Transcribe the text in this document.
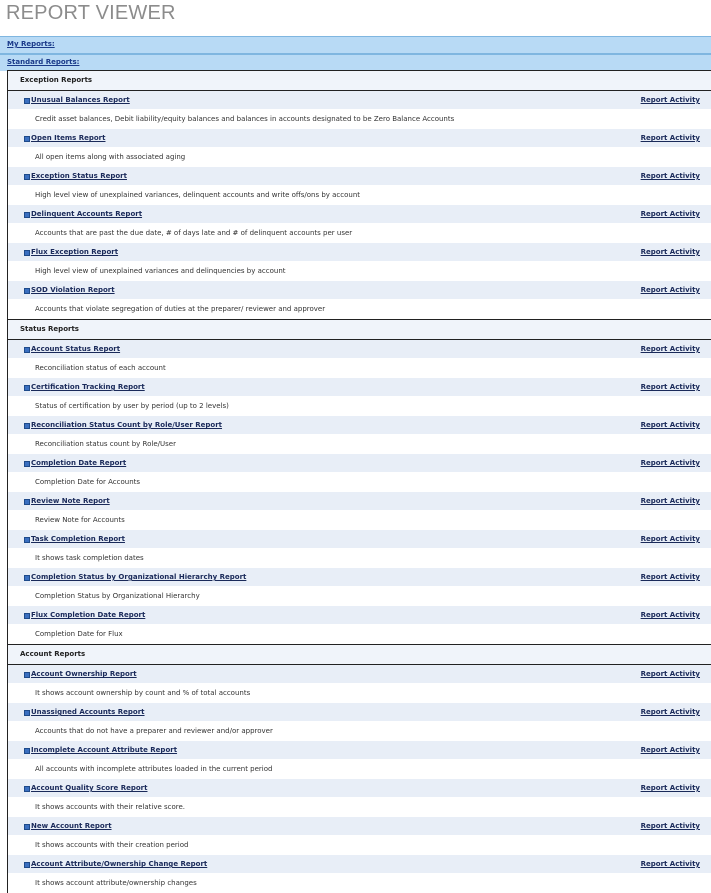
REPORT VIEWER
My Reports:
Standard Reports:
Exception Reports
Unusual Balances Report	Report Activity
Credit asset balances, Debit liability/equity balances and balances in accounts designated to be Zero Balance Accounts
Open Items Report	Report Activity
All open items along with associated aging
Exception Status Report	Report Activity
High level view of unexplained variances, delinquent accounts and write offs/ons by account
Delinquent Accounts Report	Report Activity
Accounts that are past the due date, # of days late and # of delinquent accounts per user
Flux Exception Report	Report Activity
High level view of unexplained variances and delinquencies by account
SOD Violation Report	Report Activity
Accounts that violate segregation of duties at the preparer/ reviewer and approver
Status Reports
Account Status Report	Report Activity
Reconciliation status of each account
Certification Tracking Report	Report Activity
Status of certification by user by period (up to 2 levels)
Reconciliation Status Count by Role/User Report	Report Activity
Reconciliation status count by Role/User
Completion Date Report	Report Activity
Completion Date for Accounts
Review Note Report	Report Activity
Review Note for Accounts
Task Completion Report	Report Activity
It shows task completion dates
Completion Status by Organizational Hierarchy Report	Report Activity
Completion Status by Organizational Hierarchy
Flux Completion Date Report	Report Activity
Completion Date for Flux
Account Reports
Account Ownership Report	Report Activity
It shows account ownership by count and % of total accounts
Unassigned Accounts Report	Report Activity
Accounts that do not have a preparer and reviewer and/or approver
Incomplete Account Attribute Report	Report Activity
All accounts with incomplete attributes loaded in the current period
Account Quality Score Report	Report Activity
It shows accounts with their relative score.
New Account Report	Report Activity
It shows accounts with their creation period
Account Attribute/Ownership Change Report	Report Activity
It shows account attribute/ownership changes
